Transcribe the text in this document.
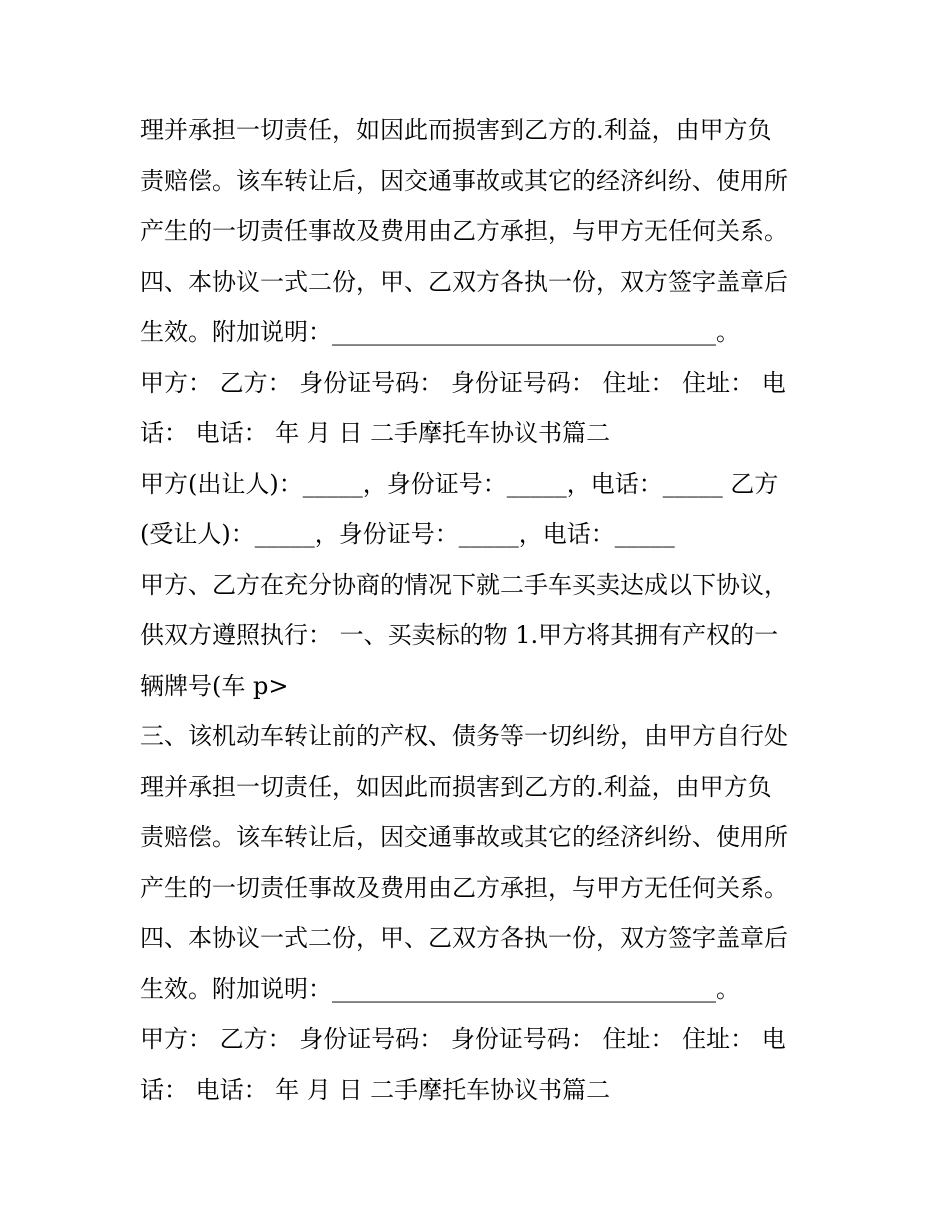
理并承担一切责任，如因此而损害到乙方的.利益，由甲方负
责赔偿。该车转让后，因交通事故或其它的经济纠纷、使用所
产生的一切责任事故及费用由乙方承担，与甲方无任何关系。
四、本协议一式二份，甲、乙双方各执一份，双方签字盖章后
生效。附加说明：________________________________。
甲方： 乙方： 身份证号码： 身份证号码： 住址： 住址： 电
话： 电话： 年 月 日 二手摩托车协议书篇二
甲方(出让人)：_____，身份证号：_____，电话：_____ 乙方
(受让人)：_____，身份证号：_____，电话：_____
甲方、乙方在充分协商的情况下就二手车买卖达成以下协议，
供双方遵照执行： 一、买卖标的物 1.甲方将其拥有产权的一
辆牌号(车 p>
三、该机动车转让前的产权、债务等一切纠纷，由甲方自行处
理并承担一切责任，如因此而损害到乙方的.利益，由甲方负
责赔偿。该车转让后，因交通事故或其它的经济纠纷、使用所
产生的一切责任事故及费用由乙方承担，与甲方无任何关系。
四、本协议一式二份，甲、乙双方各执一份，双方签字盖章后
生效。附加说明：________________________________。
甲方： 乙方： 身份证号码： 身份证号码： 住址： 住址： 电
话： 电话： 年 月 日 二手摩托车协议书篇二
